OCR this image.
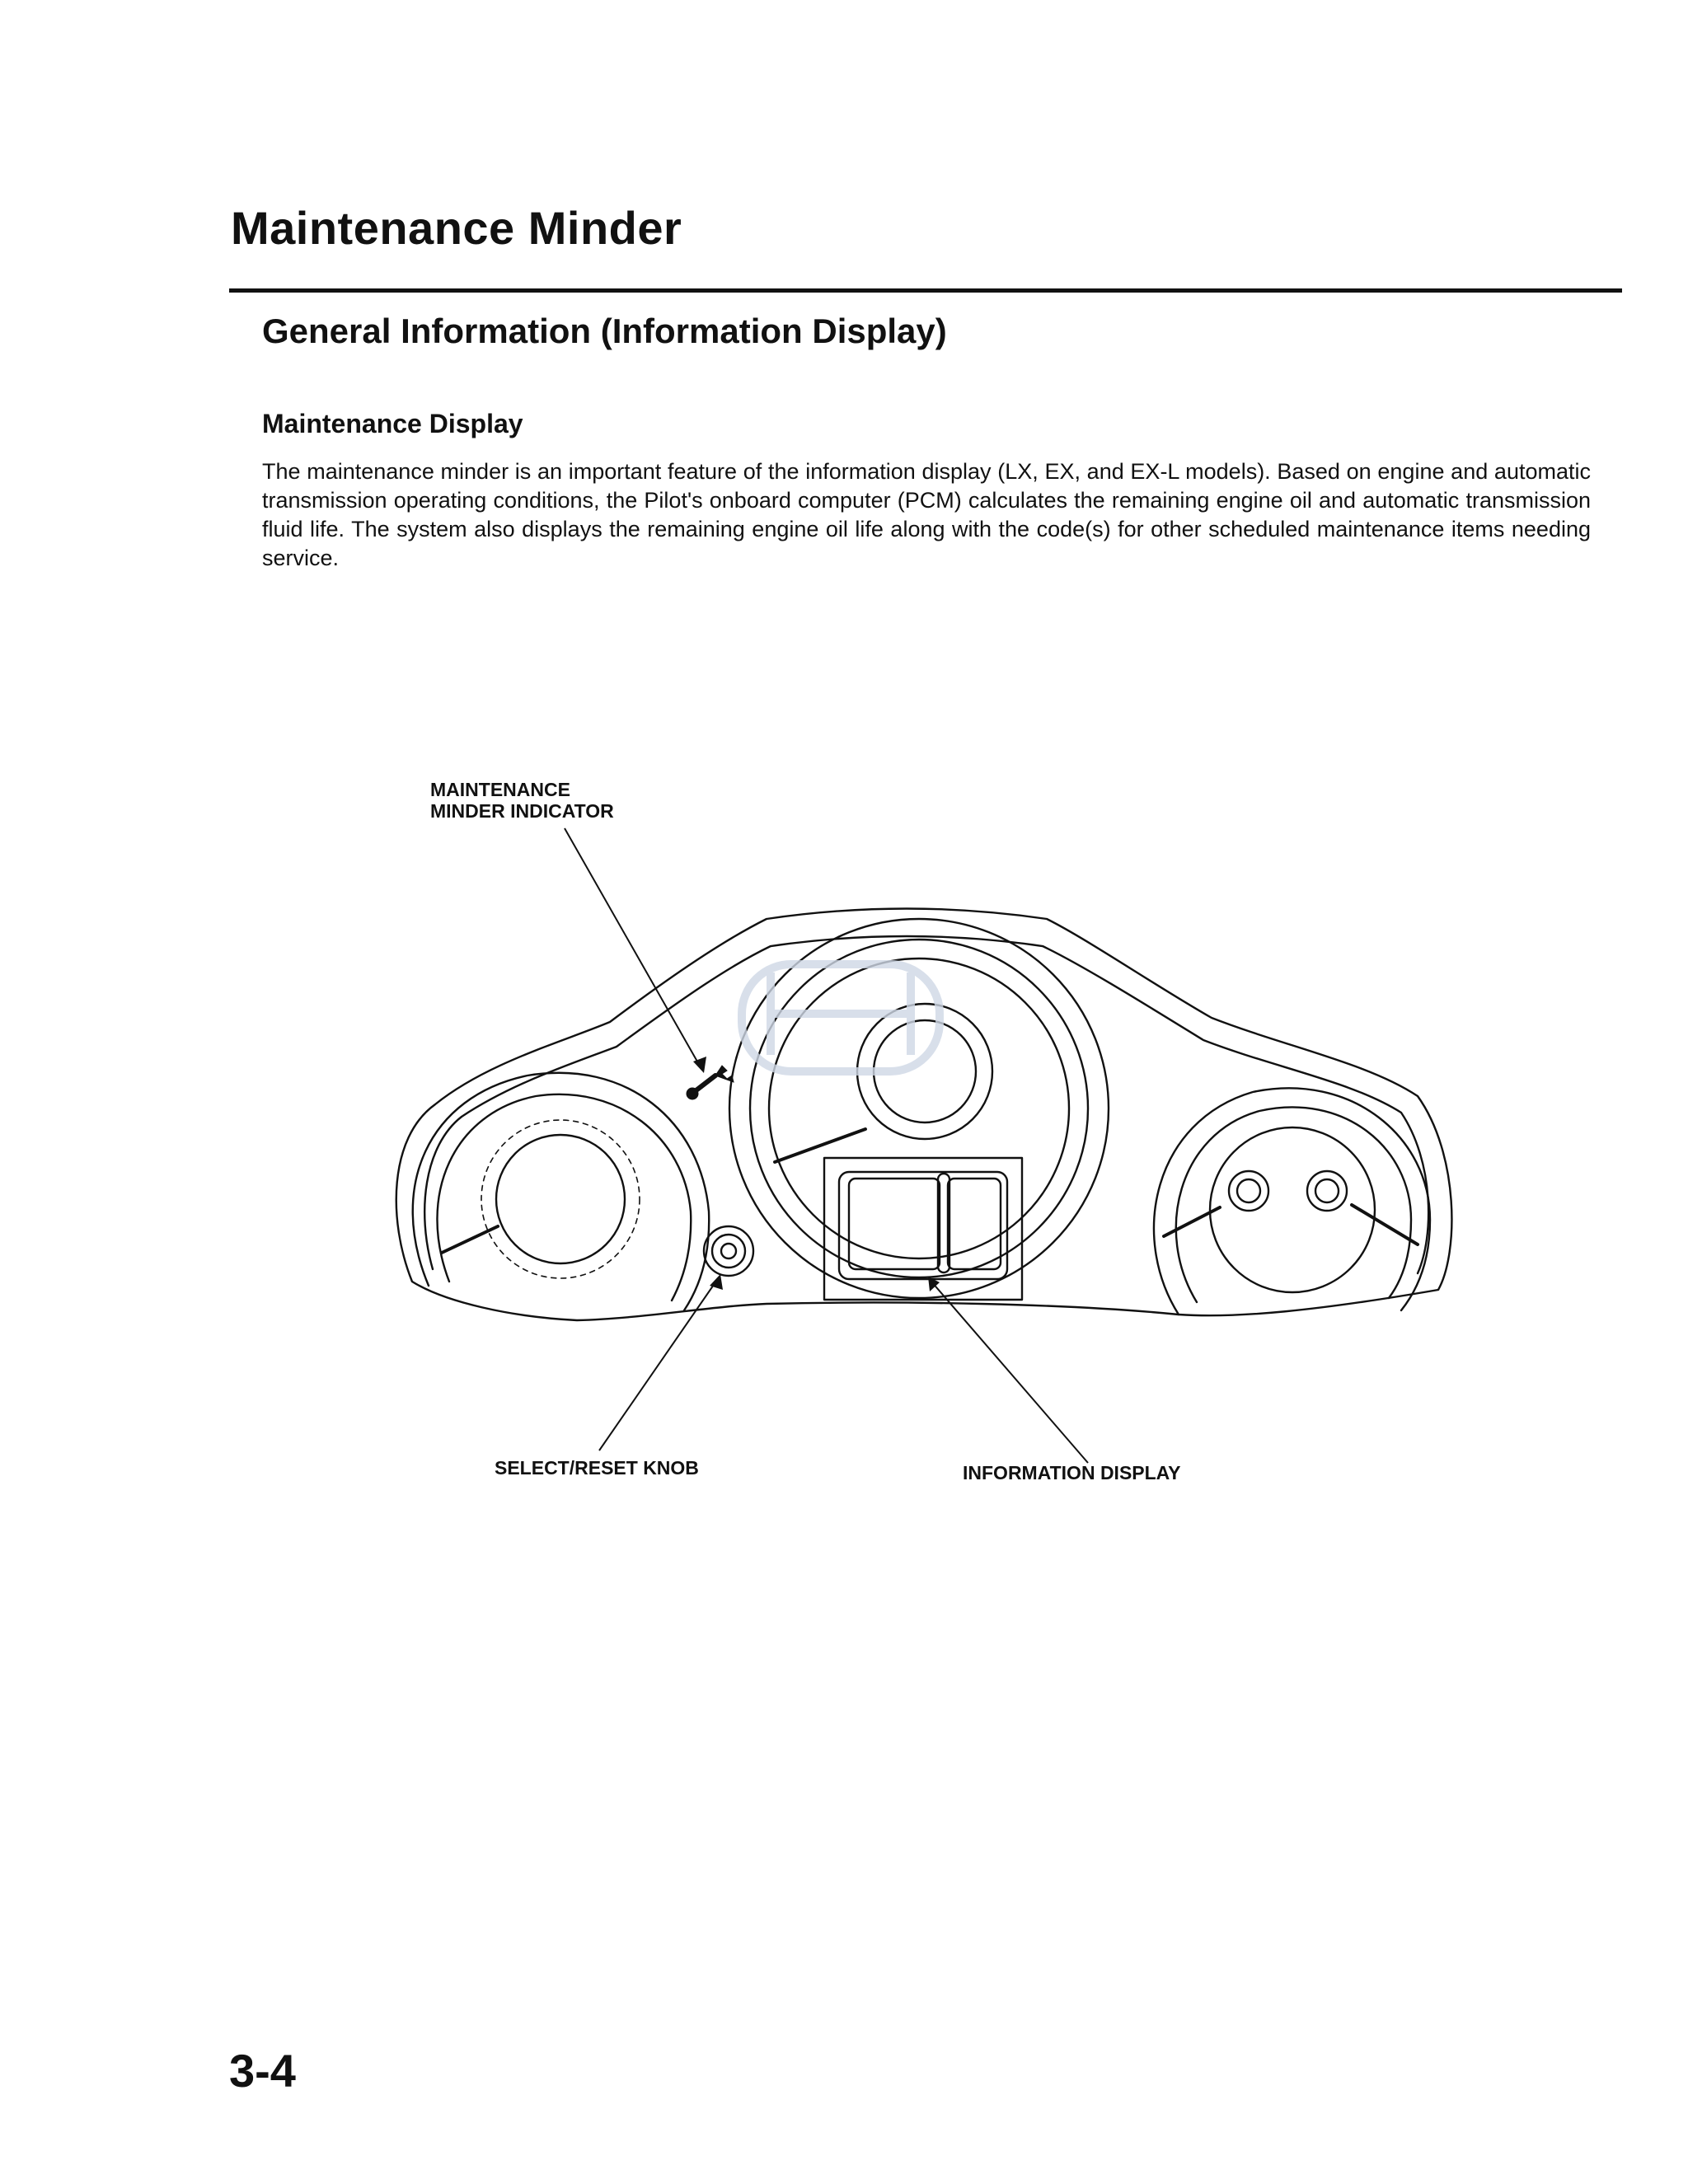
Maintenance Minder
General Information (Information Display)
Maintenance Display

The maintenance minder is an important feature of the information display (LX, EX, and EX-L models). Based on engine and automatic transmission operating conditions, the Pilot's onboard computer (PCM) calculates the remaining engine oil and automatic transmission fluid life. The system also displays the remaining engine oil life along with the code(s) for other scheduled maintenance items needing service.

MAINTENANCE
MINDER INDICATOR

SELECT/RESET KNOB	INFORMATION DISPLAY

3-4
